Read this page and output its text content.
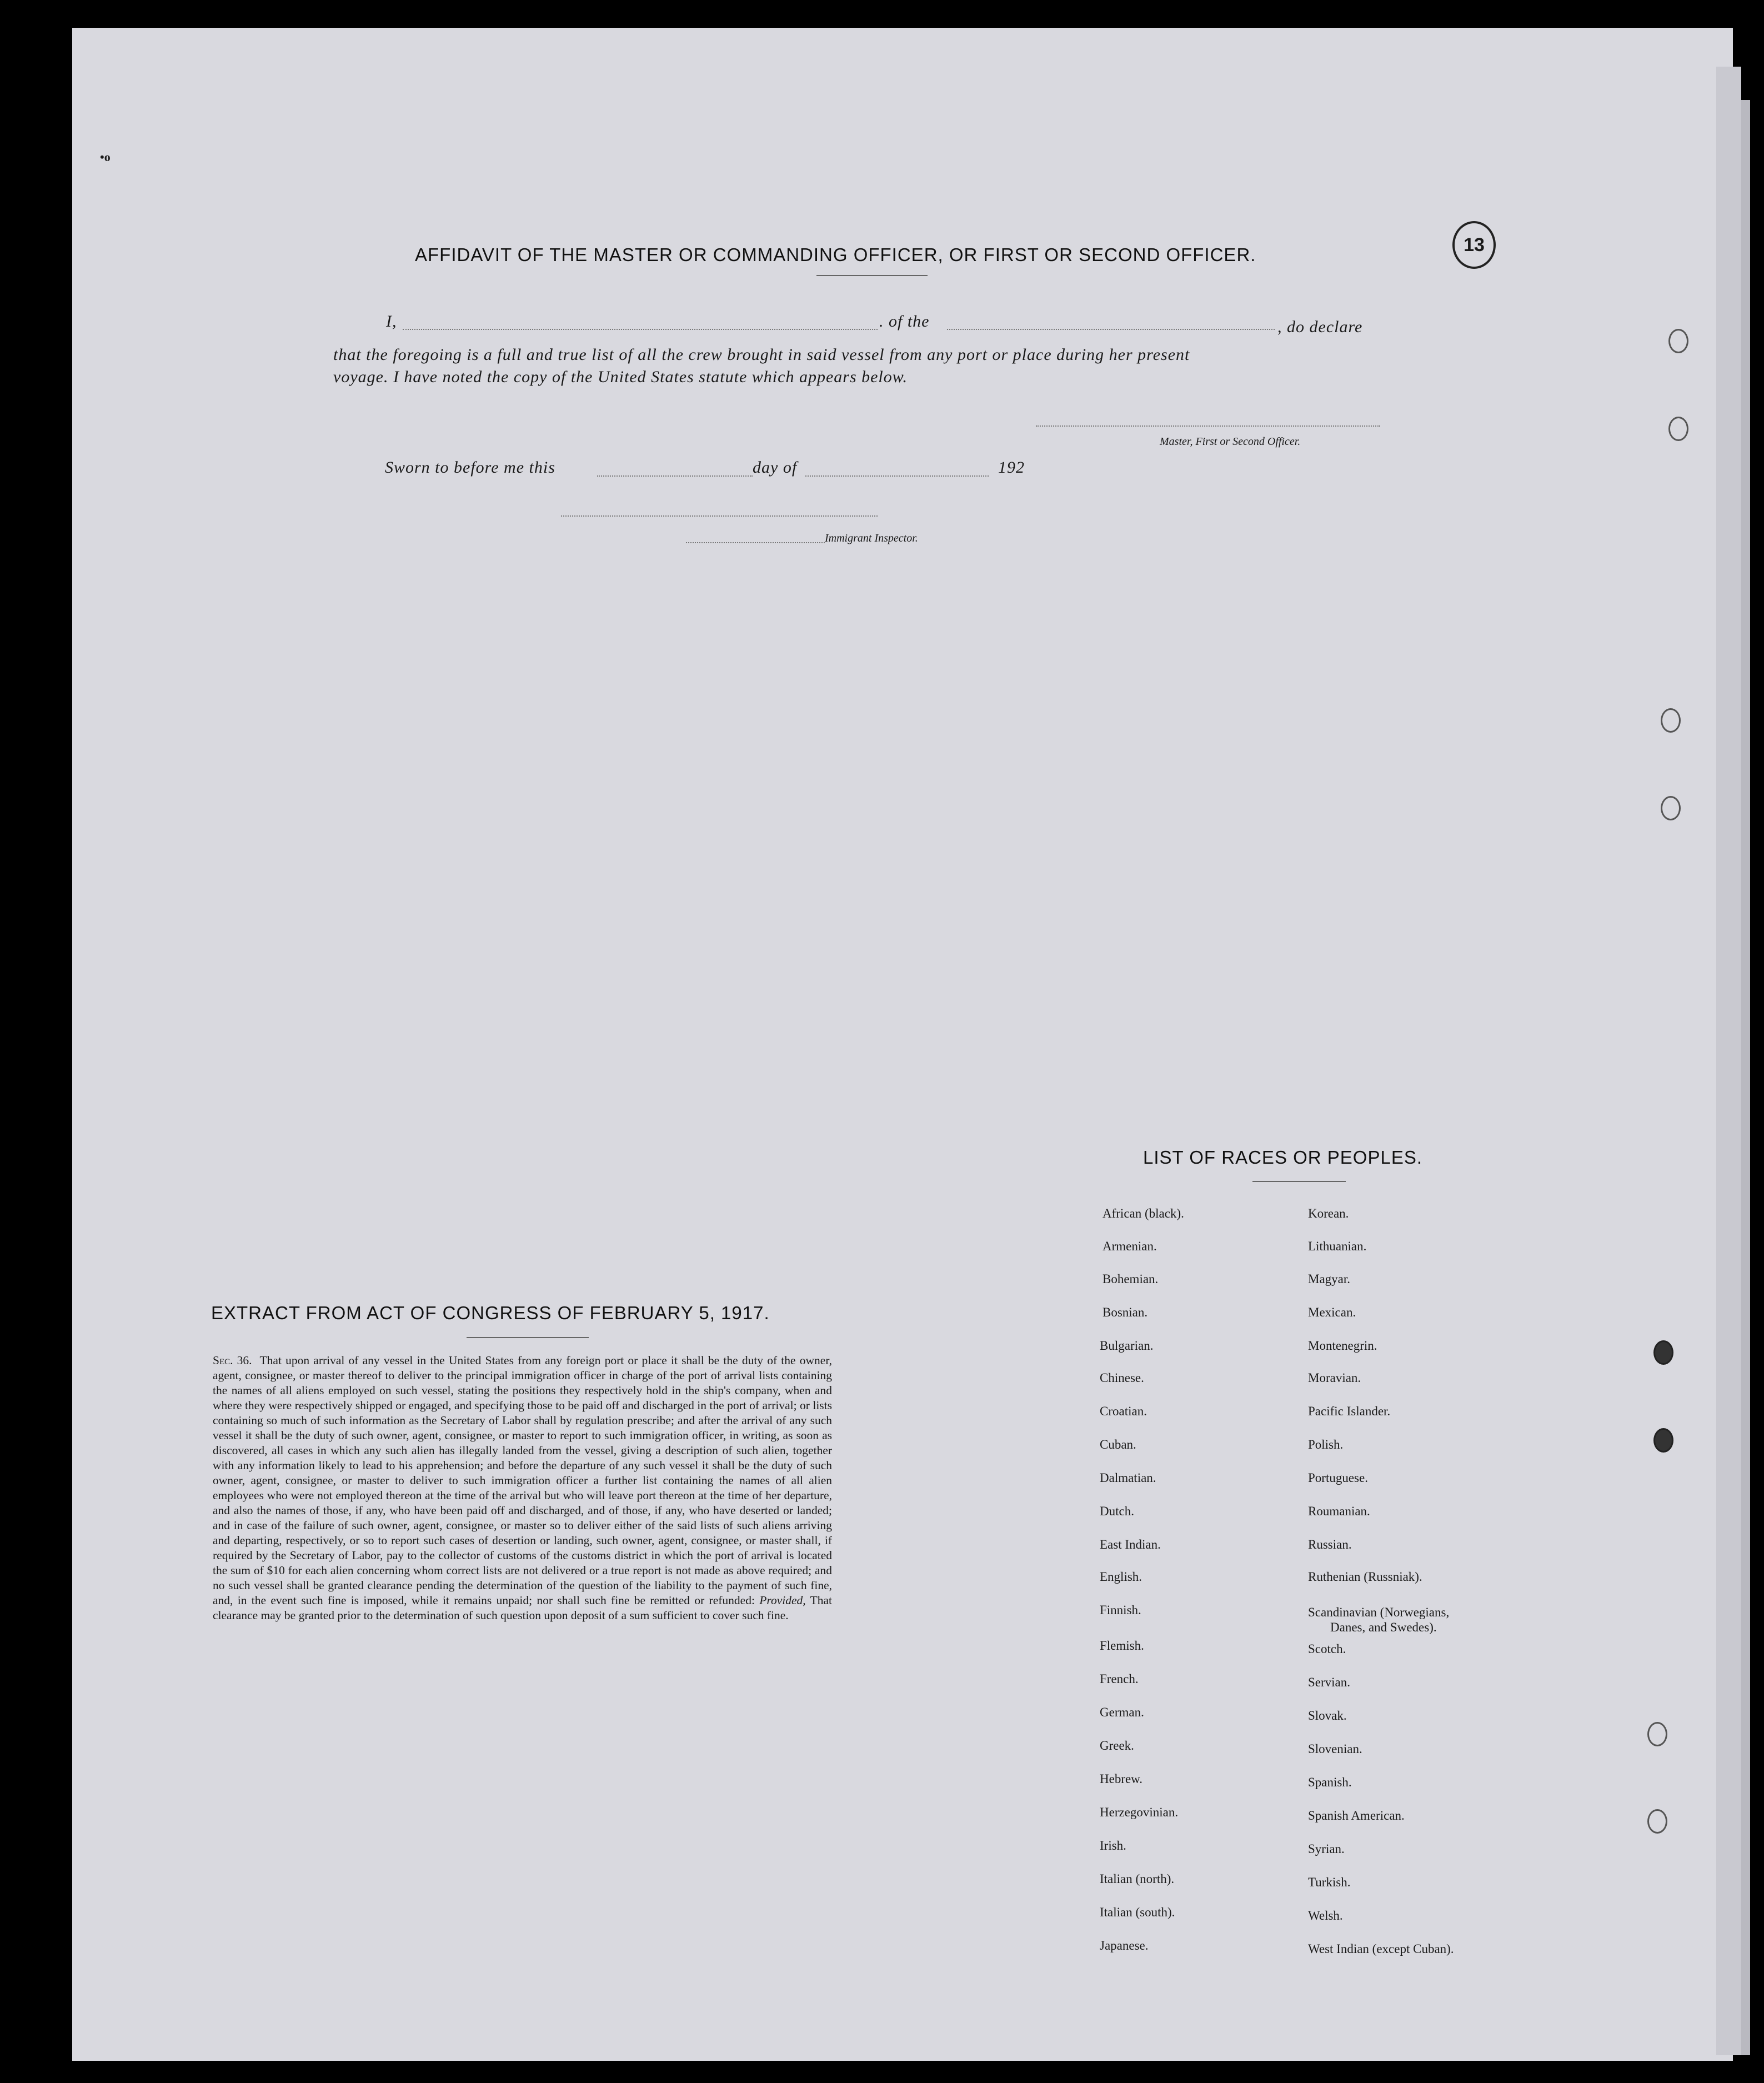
13
•o
AFFIDAVIT OF THE MASTER OR COMMANDING OFFICER, OR FIRST OR SECOND OFFICER.
I,	. of the	, do declare
that the foregoing is a full and true list of all the crew brought in said vessel from any port or place during her present
voyage. I have noted the copy of the United States statute which appears below.
Master, First or Second Officer.
Sworn to before me this	day of	192
Immigrant Inspector.
EXTRACT FROM ACT OF CONGRESS OF FEBRUARY 5, 1917.
Sec. 36. That upon arrival of any vessel in the United States from any foreign port or place it shall be the duty of the owner, agent, consignee, or master thereof to deliver to the principal immigration officer in charge of the port of arrival lists containing the names of all aliens employed on such vessel, stating the positions they respectively hold in the ship's company, when and where they were respectively shipped or engaged, and specifying those to be paid off and discharged in the port of arrival; or lists containing so much of such information as the Secretary of Labor shall by regulation prescribe; and after the arrival of any such vessel it shall be the duty of such owner, agent, consignee, or master to report to such immigration officer, in writing, as soon as discovered, all cases in which any such alien has illegally landed from the vessel, giving a description of such alien, together with any information likely to lead to his apprehension; and before the departure of any such vessel it shall be the duty of such owner, agent, consignee, or master to deliver to such immigration officer a further list containing the names of all alien employees who were not employed thereon at the time of the arrival but who will leave port thereon at the time of her departure, and also the names of those, if any, who have been paid off and discharged, and of those, if any, who have deserted or landed; and in case of the failure of such owner, agent, consignee, or master so to deliver either of the said lists of such aliens arriving and departing, respectively, or so to report such cases of desertion or landing, such owner, agent, consignee, or master shall, if required by the Secretary of Labor, pay to the collector of customs of the customs district in which the port of arrival is located the sum of $10 for each alien concerning whom correct lists are not delivered or a true report is not made as above required; and no such vessel shall be granted clearance pending the determination of the question of the liability to the payment of such fine, and, in the event such fine is imposed, while it remains unpaid; nor shall such fine be remitted or refunded: Provided, That clearance may be granted prior to the determination of such question upon deposit of a sum sufficient to cover such fine.
LIST OF RACES OR PEOPLES.
African (black).
Armenian.
Bohemian.
Bosnian.
Bulgarian.
Chinese.
Croatian.
Cuban.
Dalmatian.
Dutch.
East Indian.
English.
Finnish.
Flemish.
French.
German.
Greek.
Hebrew.
Herzegovinian.
Irish.
Italian (north).
Italian (south).
Japanese.
Korean.
Lithuanian.
Magyar.
Mexican.
Montenegrin.
Moravian.
Pacific Islander.
Polish.
Portuguese.
Roumanian.
Russian.
Ruthenian (Russniak).
Scandinavian (Norwegians,
Danes, and Swedes).
Scotch.
Servian.
Slovak.
Slovenian.
Spanish.
Spanish American.
Syrian.
Turkish.
Welsh.
West Indian (except Cuban).
